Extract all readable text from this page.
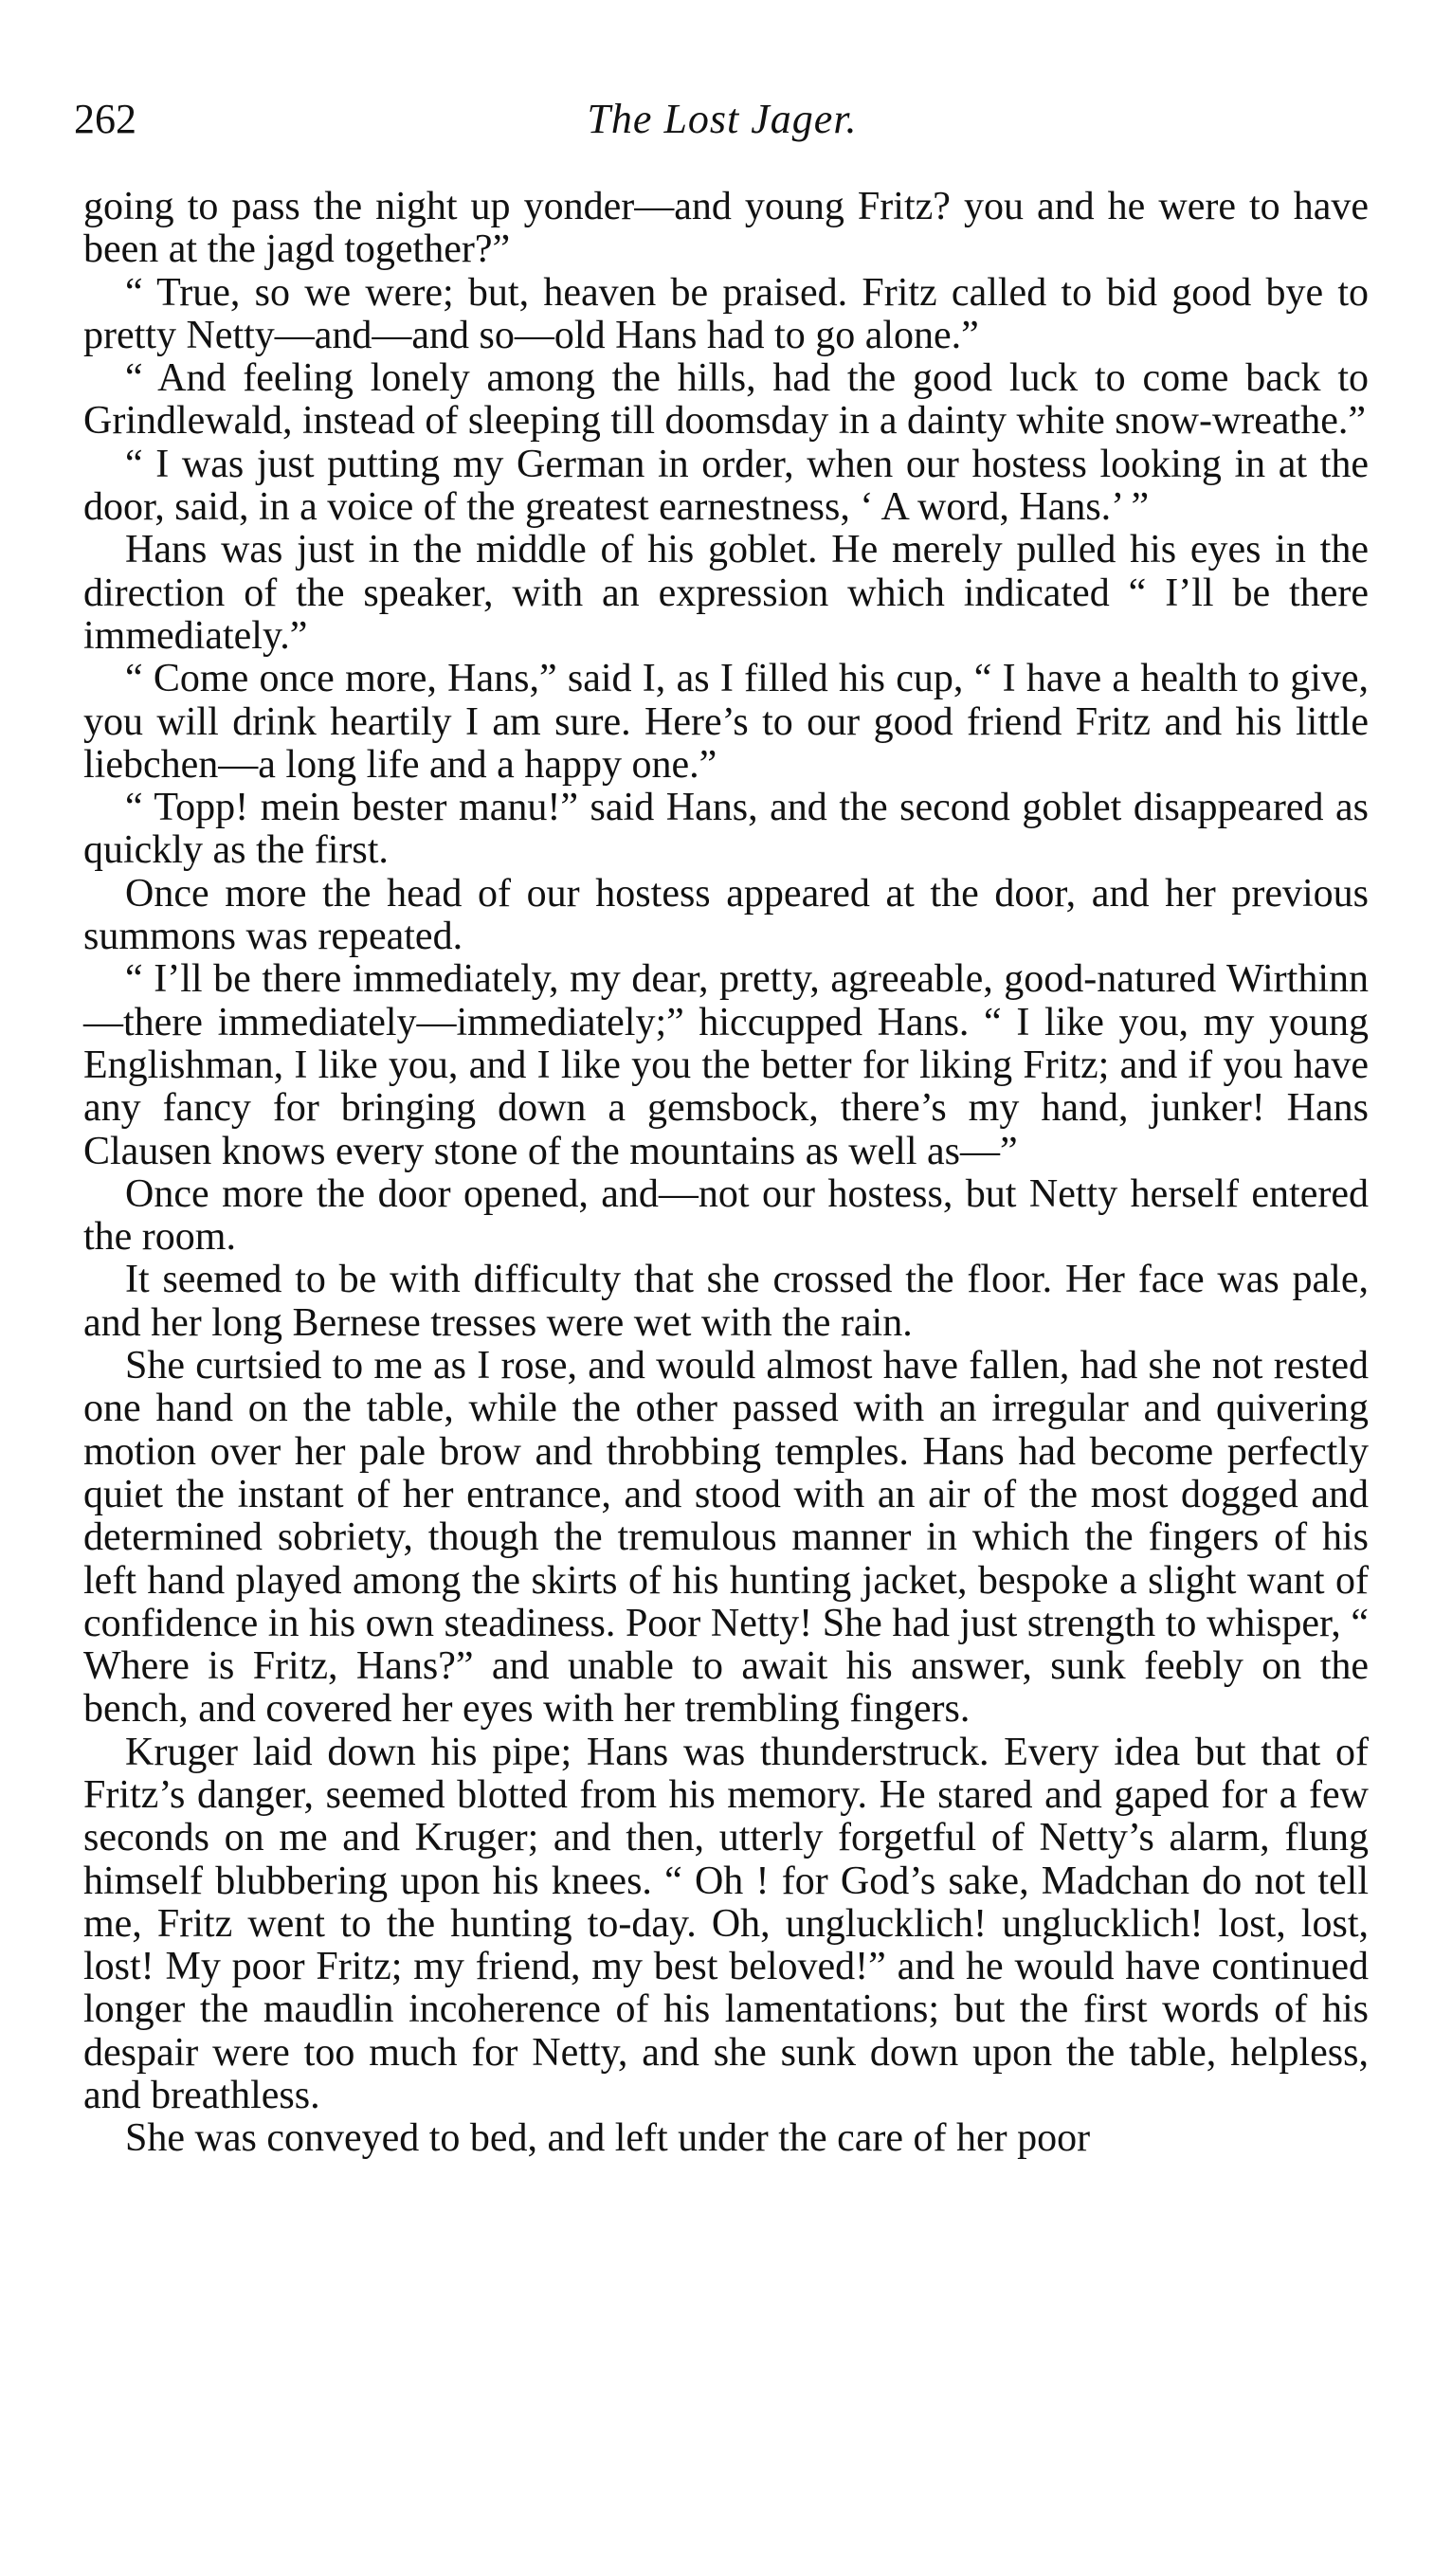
262	The Lost Jager.

going to pass the night up yonder—and young Fritz? you and he were to have been at the jagd together?”

“ True, so we were; but, heaven be praised. Fritz called to bid good bye to pretty Netty—and—and so—old Hans had to go alone.”

“ And feeling lonely among the hills, had the good luck to come back to Grindlewald, instead of sleeping till doomsday in a dainty white snow-wreathe.”

“ I was just putting my German in order, when our hostess looking in at the door, said, in a voice of the greatest earnestness, ‘ A word, Hans.’ ”

Hans was just in the middle of his goblet. He merely pulled his eyes in the direction of the speaker, with an expression which indicated “ I’ll be there immediately.”

“ Come once more, Hans,” said I, as I filled his cup, “ I have a health to give, you will drink heartily I am sure. Here’s to our good friend Fritz and his little liebchen—a long life and a happy one.”

“ Topp! mein bester manu!” said Hans, and the second goblet disappeared as quickly as the first.

Once more the head of our hostess appeared at the door, and her previous summons was repeated.

“ I’ll be there immediately, my dear, pretty, agreeable, good-natured Wirthinn—there immediately—immediately;” hiccupped Hans. “ I like you, my young Englishman, I like you, and I like you the better for liking Fritz; and if you have any fancy for bringing down a gemsbock, there’s my hand, junker! Hans Clausen knows every stone of the mountains as well as—”

Once more the door opened, and—not our hostess, but Netty herself entered the room.

It seemed to be with difficulty that she crossed the floor. Her face was pale, and her long Bernese tresses were wet with the rain.

She curtsied to me as I rose, and would almost have fallen, had she not rested one hand on the table, while the other passed with an irregular and quivering motion over her pale brow and throbbing temples. Hans had become perfectly quiet the instant of her entrance, and stood with an air of the most dogged and determined sobriety, though the tremulous manner in which the fingers of his left hand played among the skirts of his hunting jacket, bespoke a slight want of confidence in his own steadiness. Poor Netty! She had just strength to whisper, “ Where is Fritz, Hans?” and unable to await his answer, sunk feebly on the bench, and covered her eyes with her trembling fingers.

Kruger laid down his pipe; Hans was thunderstruck. Every idea but that of Fritz’s danger, seemed blotted from his memory. He stared and gaped for a few seconds on me and Kruger; and then, utterly forgetful of Netty’s alarm, flung himself blubbering upon his knees. “ Oh ! for God’s sake, Madchan do not tell me, Fritz went to the hunting to-day. Oh, unglucklich! unglucklich! lost, lost, lost! My poor Fritz; my friend, my best beloved!” and he would have continued longer the maudlin incoherence of his lamentations; but the first words of his despair were too much for Netty, and she sunk down upon the table, helpless, and breathless.

She was conveyed to bed, and left under the care of her poor
